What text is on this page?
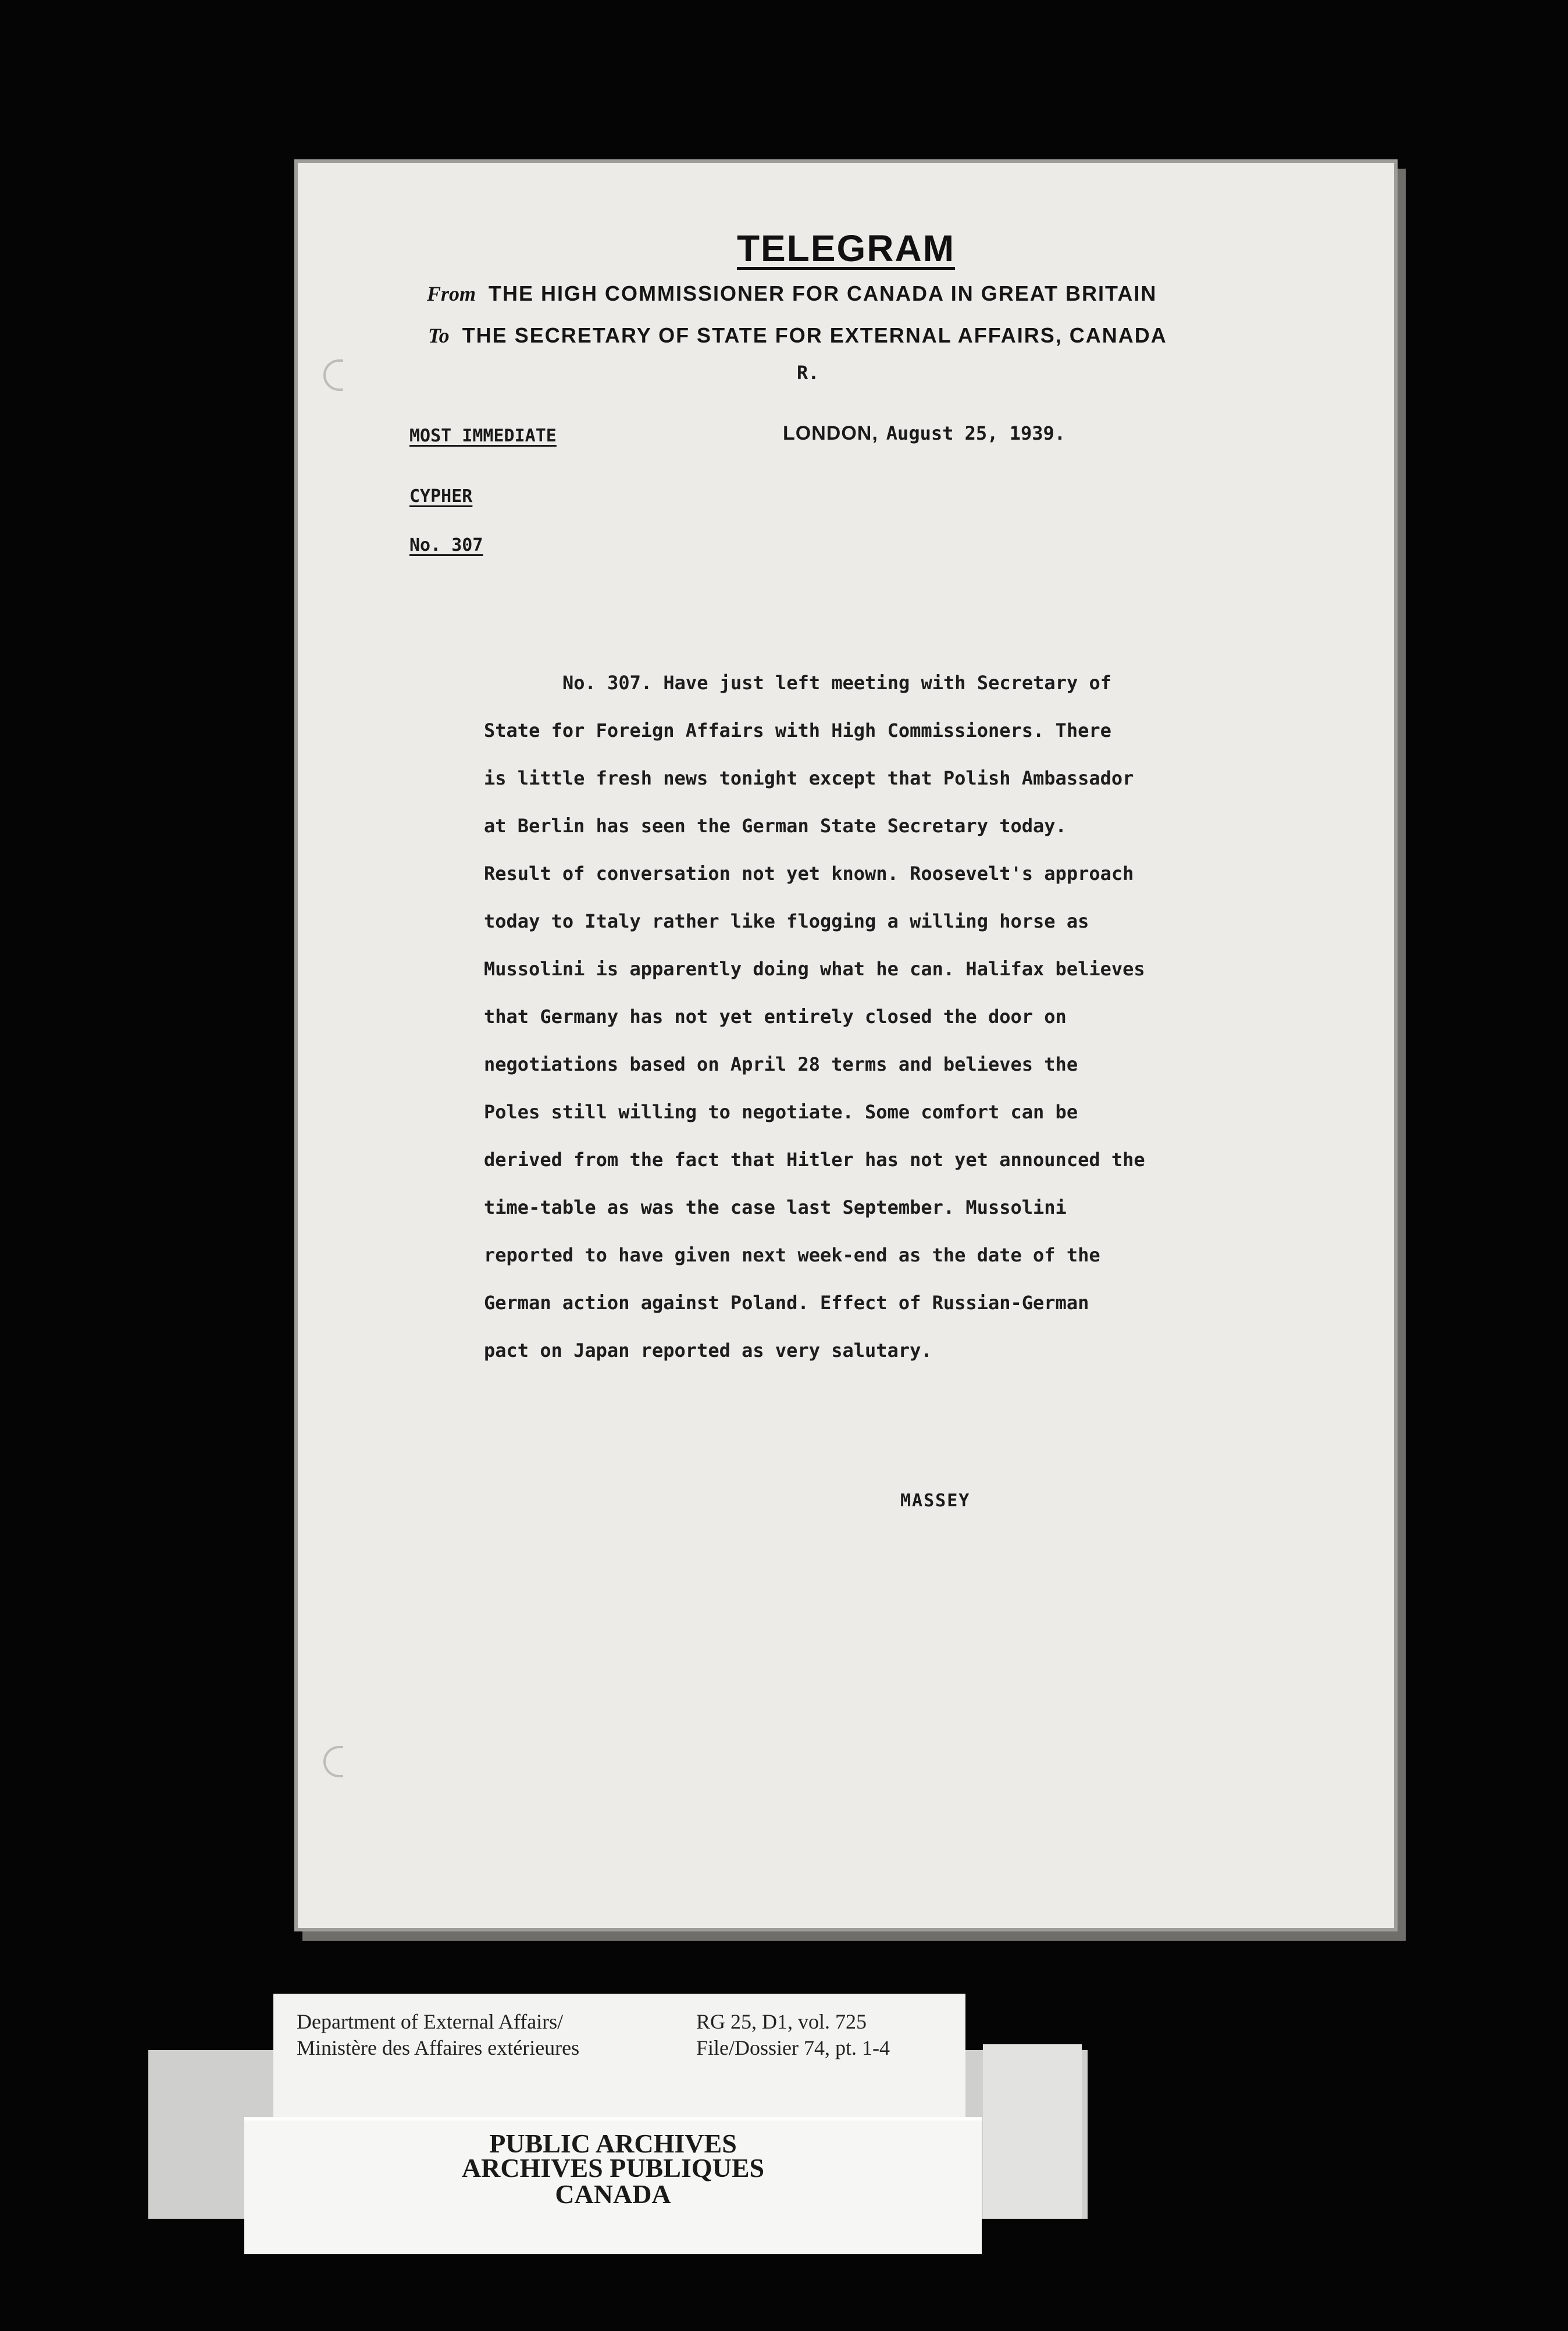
TELEGRAM
From THE HIGH COMMISSIONER FOR CANADA IN GREAT BRITAIN
To THE SECRETARY OF STATE FOR EXTERNAL AFFAIRS, CANADA
R.
MOST IMMEDIATE	LONDON, August 25, 1939.
CYPHER
No. 307
No. 307. Have just left meeting with Secretary of
State for Foreign Affairs with High Commissioners. There
is little fresh news tonight except that Polish Ambassador
at Berlin has seen the German State Secretary today.
Result of conversation not yet known. Roosevelt's approach
today to Italy rather like flogging a willing horse as
Mussolini is apparently doing what he can. Halifax believes
that Germany has not yet entirely closed the door on
negotiations based on April 28 terms and believes the
Poles still willing to negotiate. Some comfort can be
derived from the fact that Hitler has not yet announced the
time-table as was the case last September. Mussolini
reported to have given next week-end as the date of the
German action against Poland. Effect of Russian-German
pact on Japan reported as very salutary.
MASSEY
Department of External Affairs/
Ministère des Affaires extérieures
RG 25, D1, vol. 725
File/Dossier 74, pt. 1-4
PUBLIC ARCHIVES
ARCHIVES PUBLIQUES
CANADA
